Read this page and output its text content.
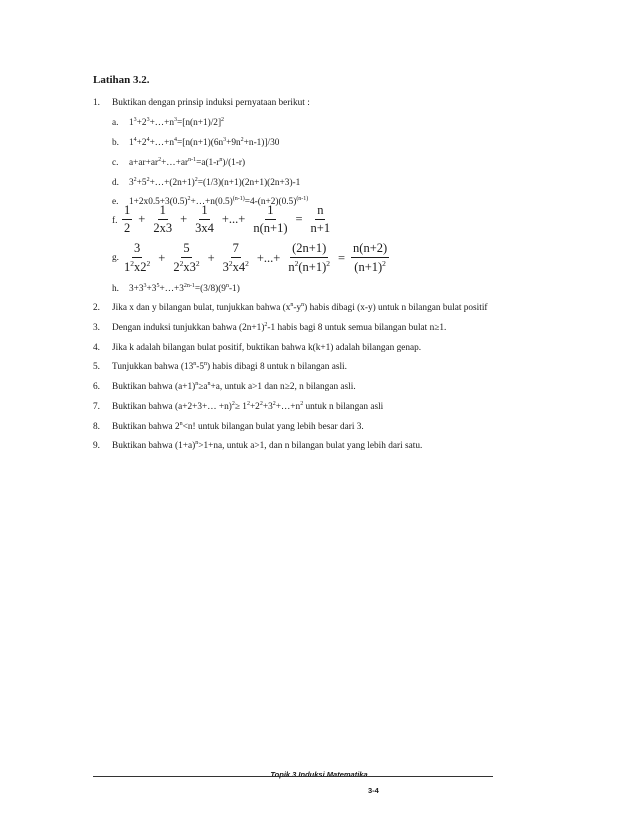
Latihan 3.2.
1. Buktikan dengan prinsip induksi pernyataan berikut :
a. $1^3+2^3+\dots+n^3=[n(n+1)/2]^2$
b. $1^4+2^4+\dots+n^4=[n(n+1)(6n^3+9n^2+n-1)]/30$
c. $a+ar+ar^2+\dots+ar^{n-1}=a(1-r^n)/(1-r)$
d. $3^2+5^2+\dots+(2n+1)^2=(1/3)(n+1)(2n+1)(2n+3)-1$
e. $1+2x0.5+3(0.5)^2+\dots+n(0.5)^{(n-1)}=4-(n+2)(0.5)^{(n-1)}$
f. $\frac{1}{2} + \frac{1}{2x3} + \frac{1}{3x4}$ +...+ $\frac{1}{n(n+1)} = \frac{n}{n+1}$
g. $\frac{3}{1^2x2^2} + \frac{5}{2^2x3^2} + \frac{7}{3^2x4^2}$ +...+ $\frac{(2n+1)}{n^2(n+1)^2} = \frac{n(n+2)}{(n+1)^2}$
h. $3+3^3+3^5+\dots+3^{2n-1}=(3/8)(9^n-1)$
2. Jika x dan y bilangan bulat, tunjukkan bahwa $(x^n-y^n)$ habis dibagi (x-y) untuk n bilangan bulat positif
3. Dengan induksi tunjukkan bahwa $(2n+1)^2-1$ habis bagi 8 untuk semua bilangan bulat n≥1.
4. Jika k adalah bilangan bulat positif, buktikan bahwa k(k+1) adalah bilangan genap.
5. Tunjukkan bahwa (13$^n$-5$^n$) habis dibagi 8 untuk n bilangan asli.
6. Buktikan bahwa $(a+1)^n\ge a^n+a$, untuk a>1 dan n≥2, n bilangan asli.
7. Buktikan bahwa (a+2+3+… $+n)^2\ge 1^2+2^2+3^2+\dots+n^2$ untuk n bilangan asli
8. Buktikan bahwa $2^n<n$! untuk bilangan bulat yang lebih besar dari 3.
9. Buktikan bahwa $(1+a)^n>1+na$, untuk a>1, dan n bilangan bulat yang lebih dari satu.
Topik 3 Induksi Matematika
3-4
